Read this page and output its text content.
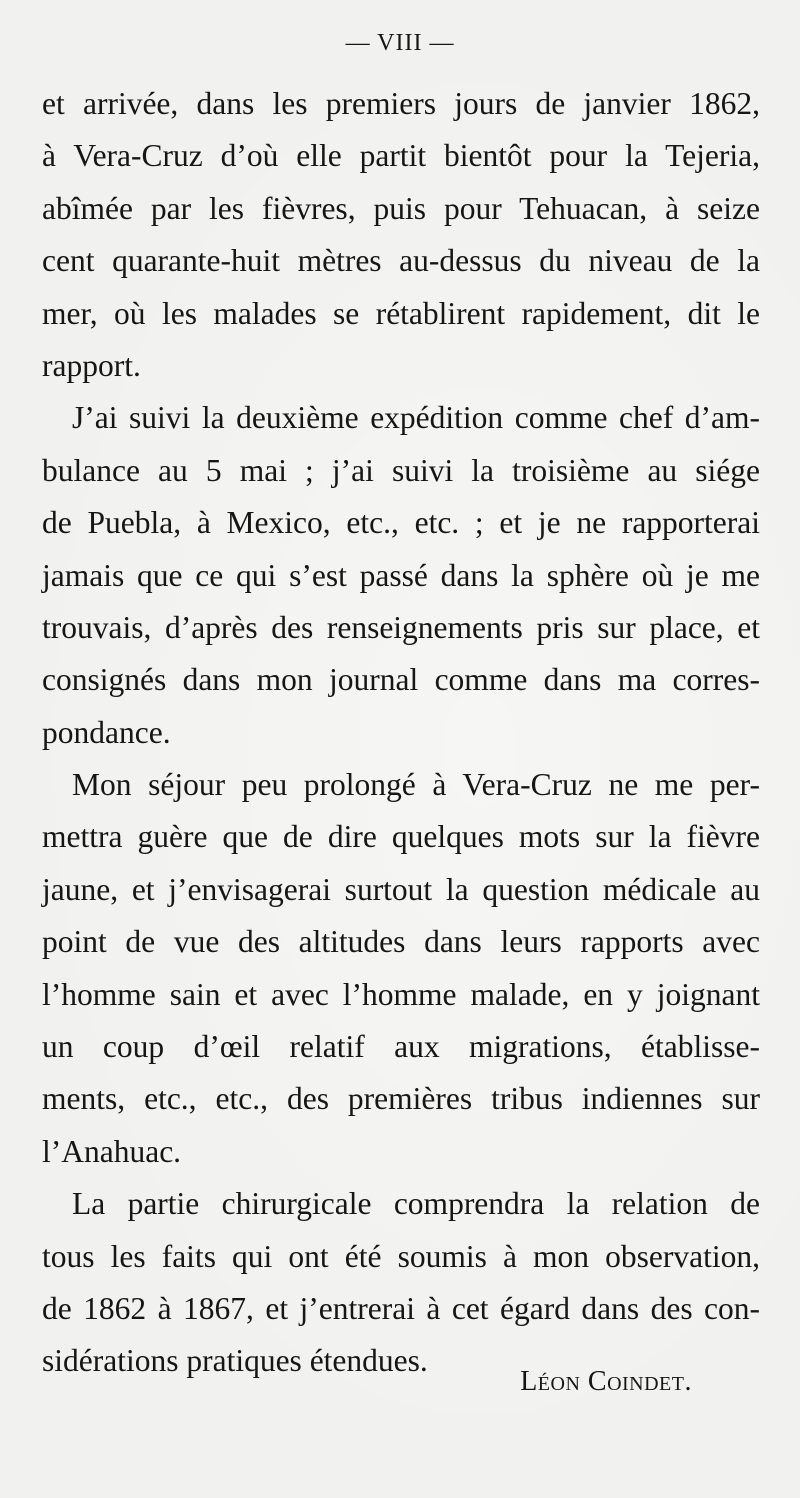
— VIII —
et arrivée, dans les premiers jours de janvier 1862,
à Vera-Cruz d’où elle partit bientôt pour la Tejeria,
abîmée par les fièvres, puis pour Tehuacan, à seize
cent quarante-huit mètres au-dessus du niveau de la
mer, où les malades se rétablirent rapidement, dit le
rapport.
J’ai suivi la deuxième expédition comme chef d’am-
bulance au 5 mai ; j’ai suivi la troisième au siége
de Puebla, à Mexico, etc., etc. ; et je ne rapporterai
jamais que ce qui s’est passé dans la sphère où je me
trouvais, d’après des renseignements pris sur place, et
consignés dans mon journal comme dans ma corres-
pondance.
Mon séjour peu prolongé à Vera-Cruz ne me per-
mettra guère que de dire quelques mots sur la fièvre
jaune, et j’envisagerai surtout la question médicale au
point de vue des altitudes dans leurs rapports avec
l’homme sain et avec l’homme malade, en y joignant
un coup d’œil relatif aux migrations, établisse-
ments, etc., etc., des premières tribus indiennes sur
l’Anahuac.
La partie chirurgicale comprendra la relation de
tous les faits qui ont été soumis à mon observation,
de 1862 à 1867, et j’entrerai à cet égard dans des con-
sidérations pratiques étendues.
Léon Coindet.
